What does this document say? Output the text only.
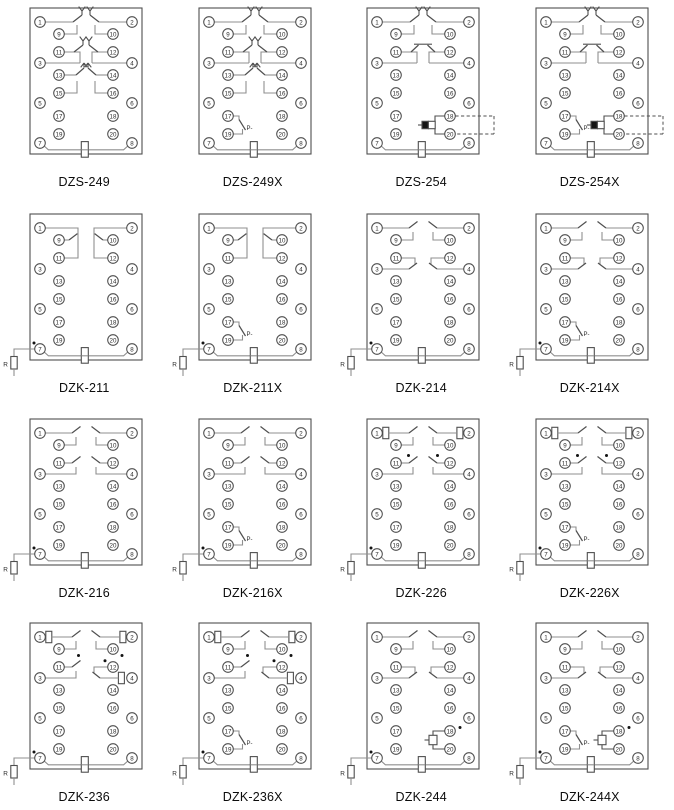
1
3
5
7
2
4
6
8
9
11
13
15
17
19
10
12
14
16
18
20
DZS-249
P-
1
3
5
7
2
4
6
8
9
11
13
15
17
19
10
12
14
16
18
20
DZS-249X
1
3
5
7
2
4
6
8
9
11
13
15
17
19
10
12
14
16
18
20
DZS-254
P-
1
3
5
7
2
4
6
8
9
11
13
15
17
19
10
12
14
16
18
20
DZS-254X
R
1
3
5
7
2
4
6
8
9
11
13
15
17
19
10
12
14
16
18
20
DZK-211
P-
R
1
3
5
7
2
4
6
8
9
11
13
15
17
19
10
12
14
16
18
20
DZK-211X
R
1
3
5
7
2
4
6
8
9
11
13
15
17
19
10
12
14
16
18
20
DZK-214
P-
R
1
3
5
7
2
4
6
8
9
11
13
15
17
19
10
12
14
16
18
20
DZK-214X
R
1
3
5
7
2
4
6
8
9
11
13
15
17
19
10
12
14
16
18
20
DZK-216
P-
R
1
3
5
7
2
4
6
8
9
11
13
15
17
19
10
12
14
16
18
20
DZK-216X
R
1
3
5
7
2
4
6
8
9
11
13
15
17
19
10
12
14
16
18
20
DZK-226
P-
R
1
3
5
7
2
4
6
8
9
11
13
15
17
19
10
12
14
16
18
20
DZK-226X
R
1
3
5
7
2
4
6
8
9
11
13
15
17
19
10
12
14
16
18
20
DZK-236
P-
R
1
3
5
7
2
4
6
8
9
11
13
15
17
19
10
12
14
16
18
20
DZK-236X
R
1
3
5
7
2
4
6
8
9
11
13
15
17
19
10
12
14
16
18
20
DZK-244
P-
R
1
3
5
7
2
4
6
8
9
11
13
15
17
19
10
12
14
16
18
20
DZK-244X
